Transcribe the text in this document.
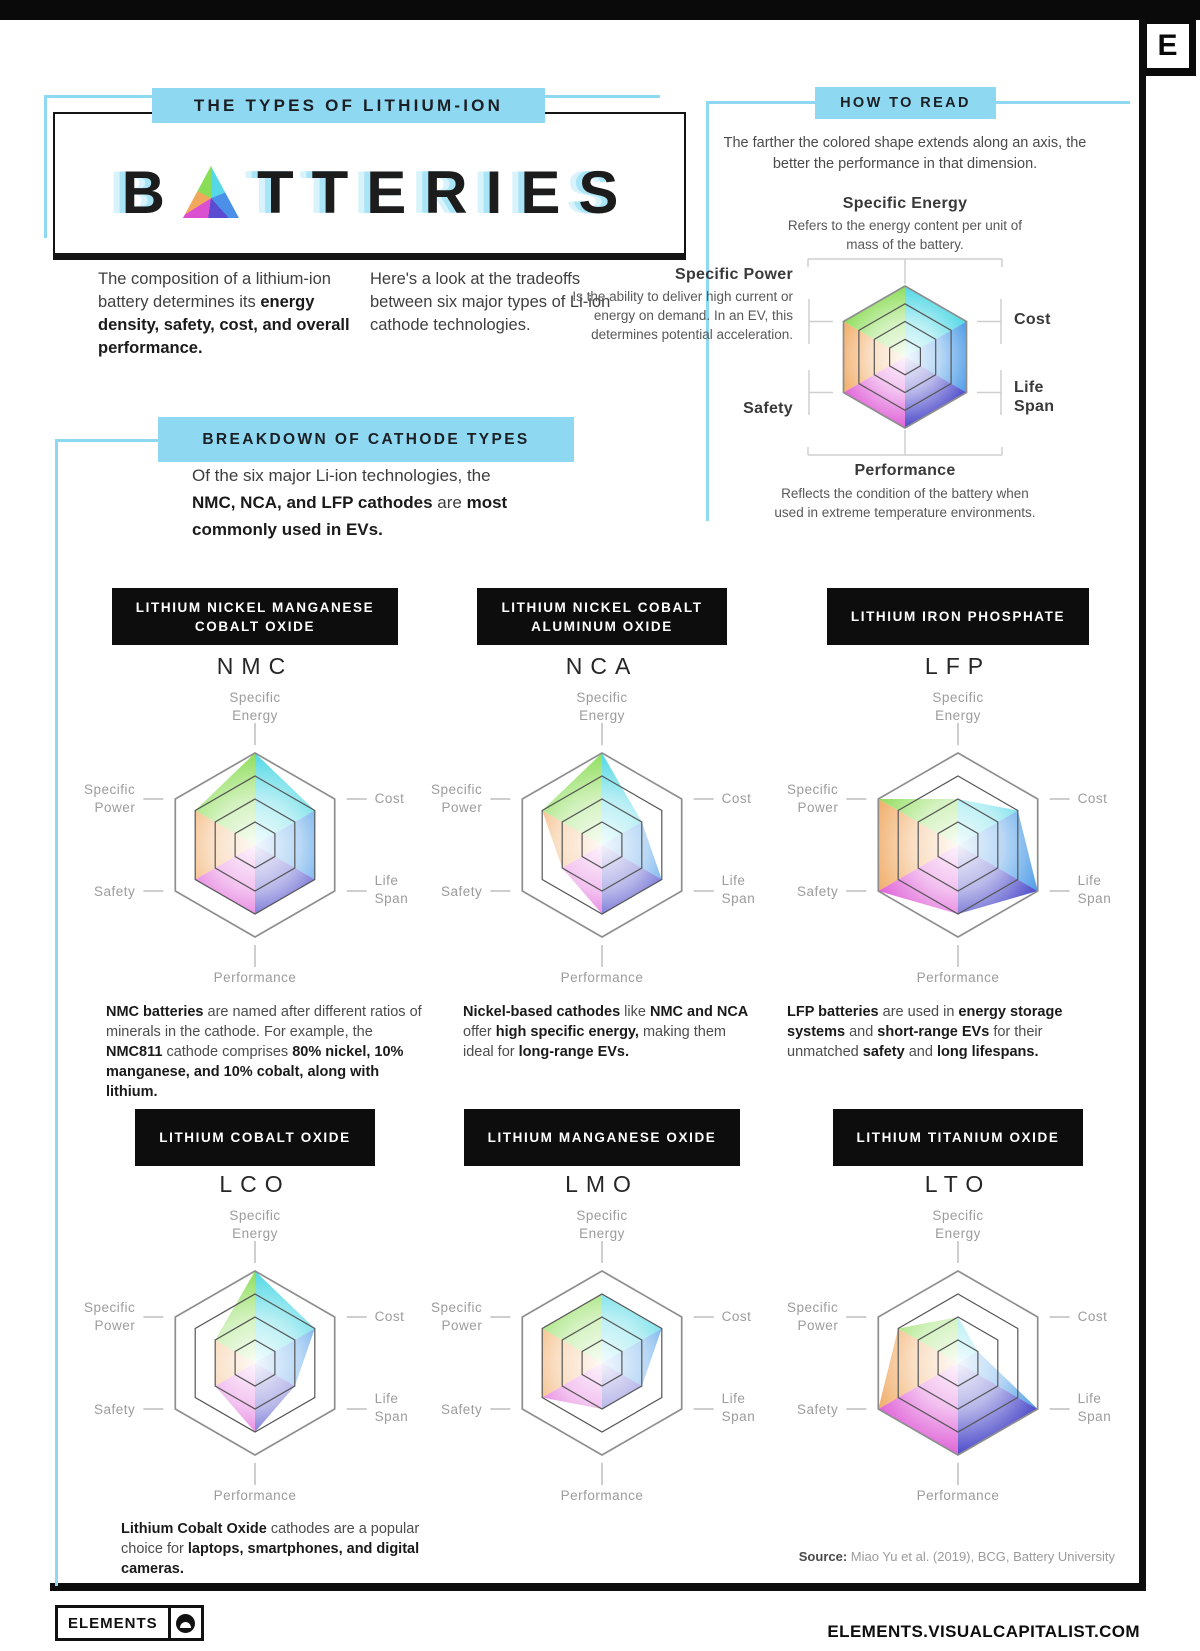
E
THE TYPES OF LITHIUM-ION
B T T E R I E S
The composition of a lithium-ion battery determines its energy density, safety, cost, and overall performance.
Here's a look at the tradeoffs between six major types of Li-ion cathode technologies.
HOW TO READ
The farther the colored shape extends along an axis, the better the performance in that dimension.
Specific Energy
Refers to the energy content per unit of mass of the battery.
Specific Power
Is the ability to deliver high current or energy on demand. In an EV, this determines potential acceleration.
Cost
Life Span
Safety
Performance
Reflects the condition of the battery when used in extreme temperature environments.
BREAKDOWN OF CATHODE TYPES
Of the six major Li-ion technologies, the NMC, NCA, and LFP cathodes are most commonly used in EVs.
LITHIUM NICKEL MANGANESE
COBALT OXIDE
NMC
Specific
Energy
Cost
Life
Span
Performance
Safety
Specific
Power
NMC batteries are named after different ratios of minerals in the cathode. For example, the NMC811 cathode comprises 80% nickel, 10% manganese, and 10% cobalt, along with lithium.
LITHIUM NICKEL COBALT
ALUMINUM OXIDE
NCA
Specific
Energy
Cost
Life
Span
Performance
Safety
Specific
Power
Nickel-based cathodes like NMC and NCA offer high specific energy, making them ideal for long-range EVs.
LITHIUM IRON PHOSPHATE
LFP
Specific
Energy
Cost
Life
Span
Performance
Safety
Specific
Power
LFP batteries are used in energy storage systems and short-range EVs for their unmatched safety and long lifespans.
LITHIUM COBALT OXIDE
LCO
Specific
Energy
Cost
Life
Span
Performance
Safety
Specific
Power
Lithium Cobalt Oxide cathodes are a popular choice for laptops, smartphones, and digital cameras.
LITHIUM MANGANESE OXIDE
LMO
Specific
Energy
Cost
Life
Span
Performance
Safety
Specific
Power
LITHIUM TITANIUM OXIDE
LTO
Specific
Energy
Cost
Life
Span
Performance
Safety
Specific
Power
Source: Miao Yu et al. (2019), BCG, Battery University
ELEMENTS	ELEMENTS.VISUALCAPITALIST.COM
